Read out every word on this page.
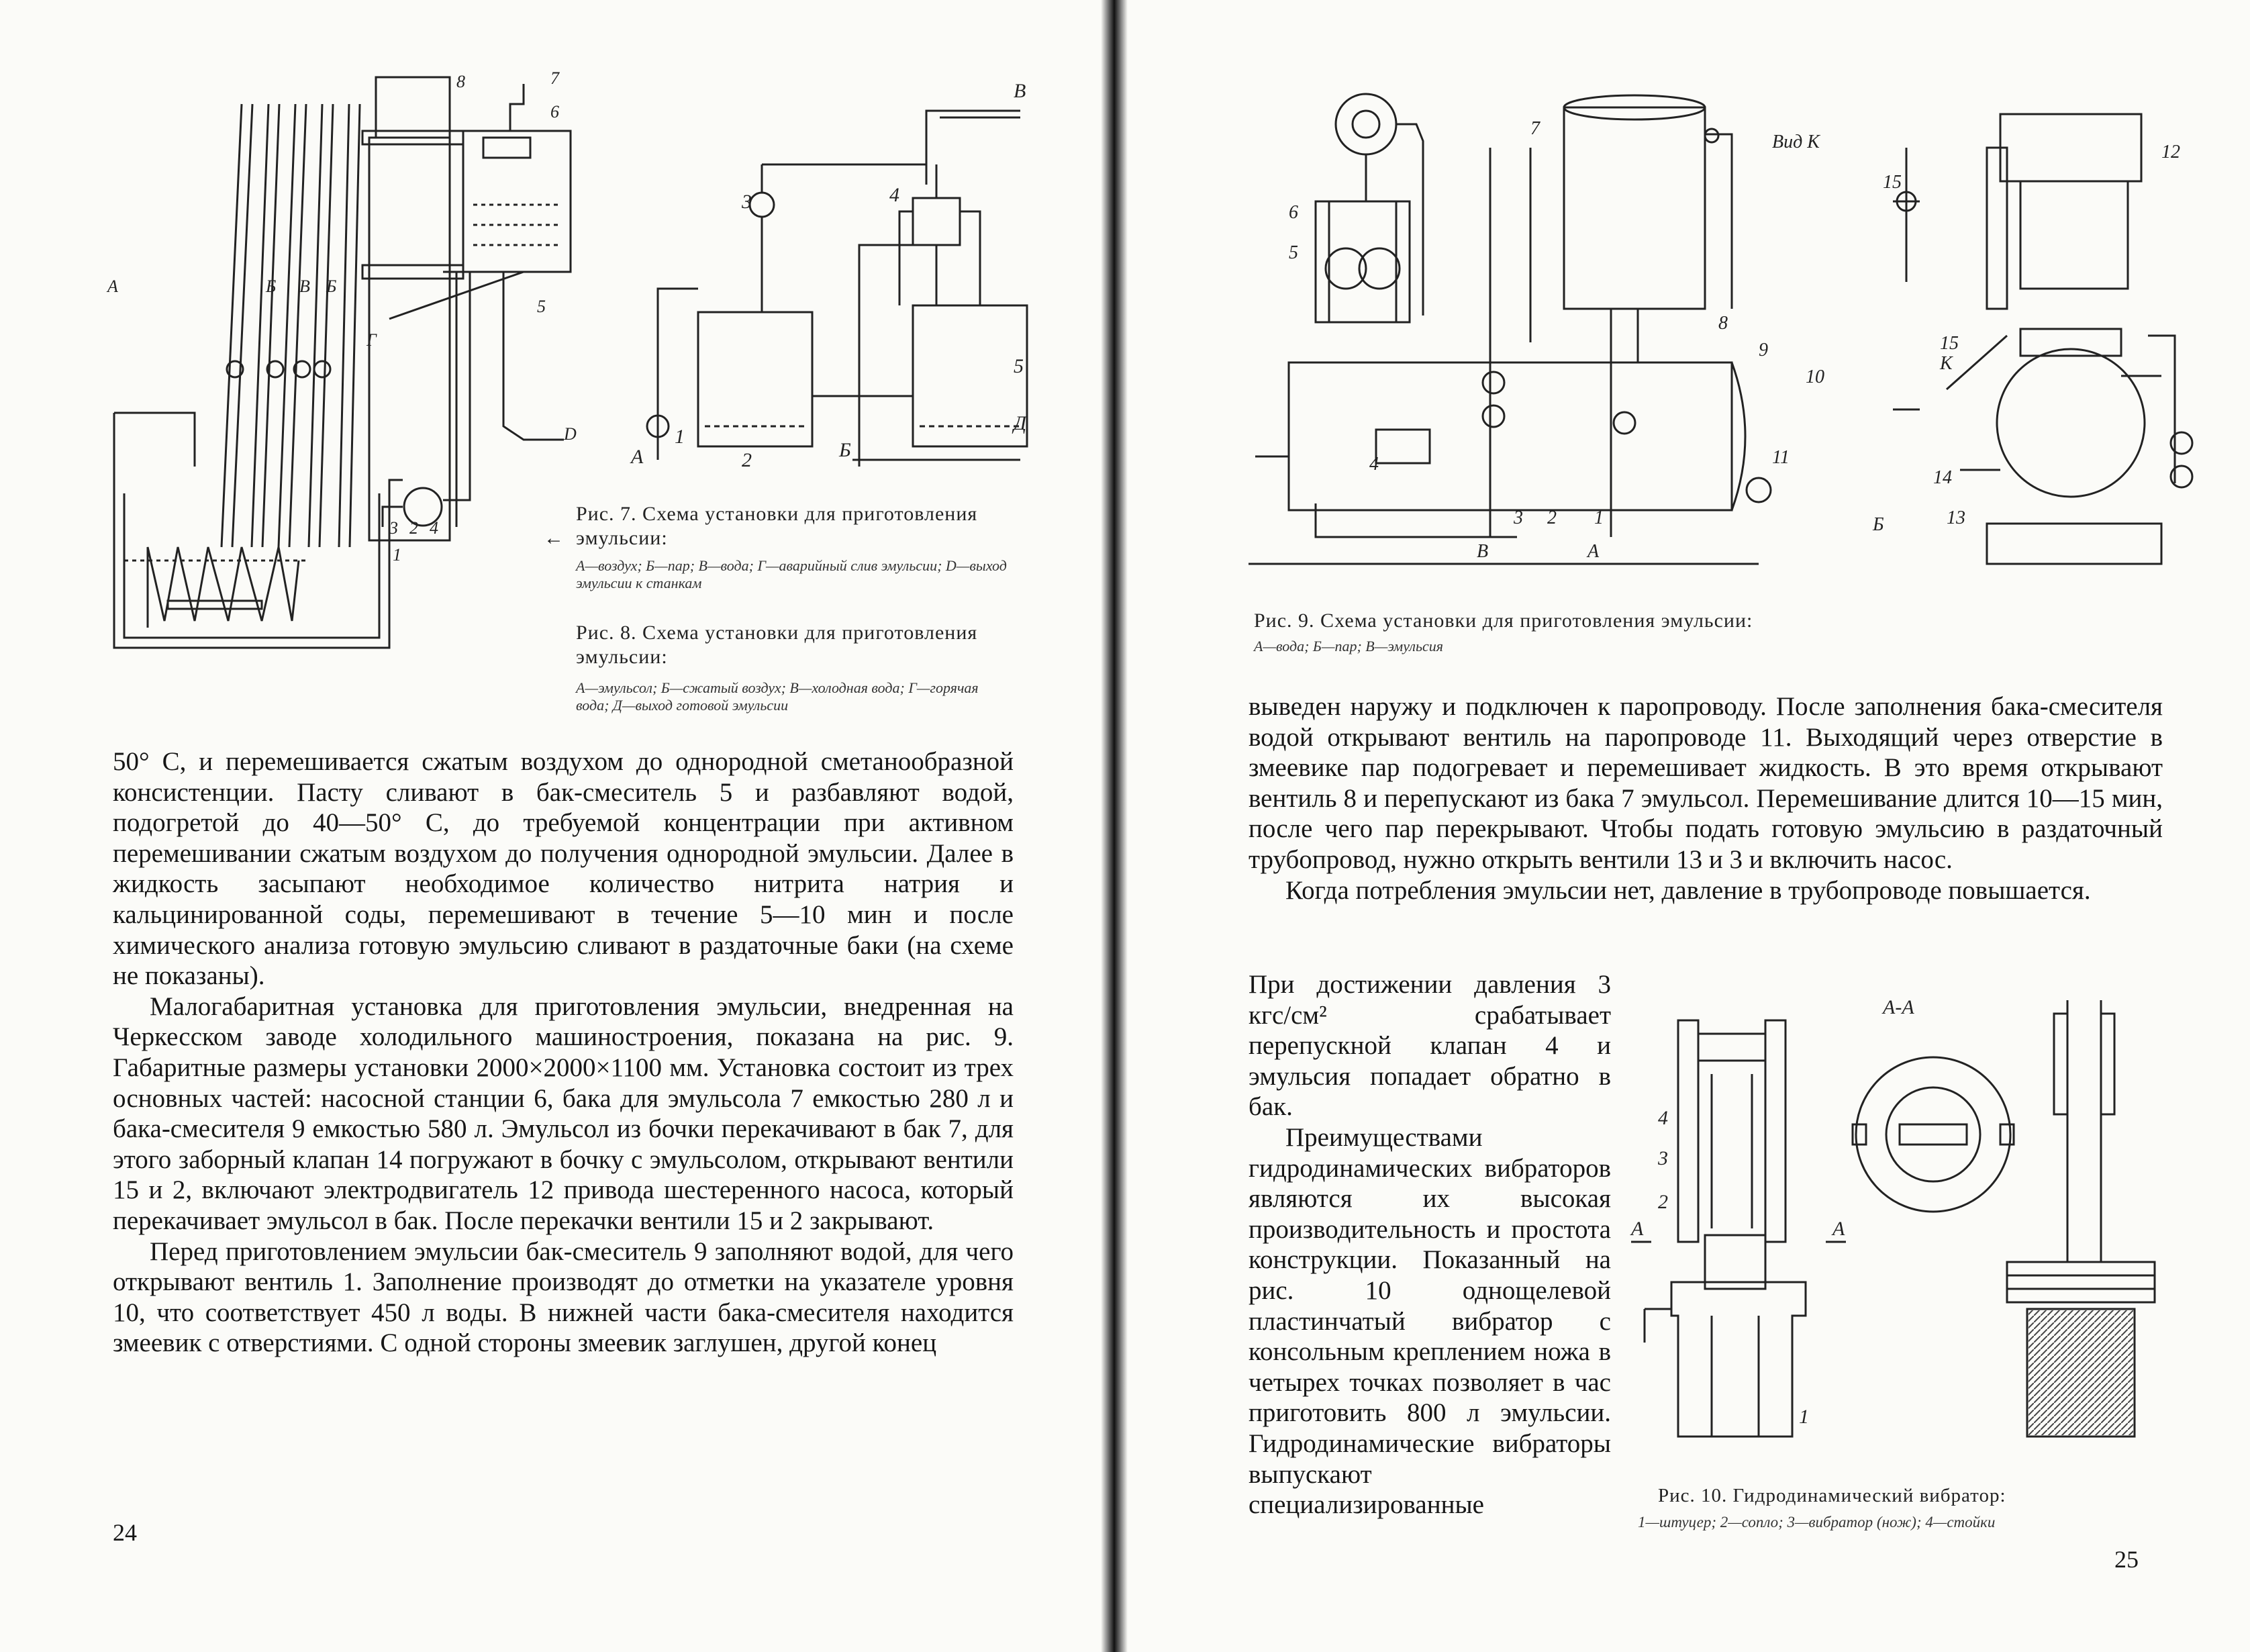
А	Б В Б
Г
D
1
3 2 4
5
6
7
8	В
А	Б
Д
1
2
3	4
5
Рис. 7. Схема установки для приготовления эмульсии:
←
А—воздух; Б—пар; В—вода; Г—аварийный слив эмульсии; D—выход эмульсии к станкам
Рис. 8. Схема установки для приготовления эмульсии:
А—эмульсол; Б—сжатый воздух; В—холодная вода; Г—горячая вода; Д—выход готовой эмульсии

50° С, и перемешивается сжатым воздухом до однородной сметанообразной консистенции. Пасту сливают в бак-смеситель 5 и разбавляют водой, подогретой до 40—50° С, до требуемой концентрации при активном перемешивании сжатым воздухом до получения однородной эмульсии. Далее в жидкость засыпают необходимое количество нитрита натрия и кальцинированной соды, перемешивают в течение 5—10 мин и после химического анализа готовую эмульсию сливают в раздаточные баки (на схеме не показаны).

Малогабаритная установка для приготовления эмульсии, внедренная на Черкесском заводе холодильного машиностроения, показана на рис. 9. Габаритные размеры установки 2000×2000×1100 мм. Установка состоит из трех основных частей: насосной станции 6, бака для эмульсола 7 емкостью 280 л и бака-смесителя 9 емкостью 580 л. Эмульсол из бочки перекачивают в бак 7, для этого заборный клапан 14 погружают в бочку с эмульсолом, открывают вентили 15 и 2, включают электродвигатель 12 привода шестеренного насоса, который перекачивает эмульсол в бак. После перекачки вентили 15 и 2 закрывают.

Перед приготовлением эмульсии бак-смеситель 9 заполняют водой, для чего открывают вентиль 1. Заполнение производят до отметки на указателе уровня 10, что соответствует 450 л воды. В нижней части бака-смесителя находится змеевик с отверстиями. С одной стороны змеевик заглушен, другой конец

24
1
2
3
4
5
6
7
8
9
10
11
12
13
14
15
15
Вид К
К
В	А
Б
Рис. 9. Схема установки для приготовления эмульсии:
А—вода; Б—пар; В—эмульсия

выведен наружу и подключен к паропроводу. После заполнения бака-смесителя водой открывают вентиль на паропроводе 11. Выходящий через отверстие в змеевике пар подогревает и перемешивает жидкость. В это время открывают вентиль 8 и перепускают из бака 7 эмульсол. Перемешивание длится 10—15 мин, после чего пар перекрывают. Чтобы подать готовую эмульсию в раздаточный трубопровод, нужно открыть вентили 13 и 3 и включить насос.

Когда потребления эмульсии нет, давление в трубопроводе повышается.

При достижении давления 3 кгс/см² срабатывает перепускной клапан 4 и эмульсия попадает обратно в бак.

Преимуществами гидродинамических вибраторов являются их высокая производительность и простота конструкции. Показанный на рис. 10 однощелевой пластинчатый вибратор с консольным креплением ножа в четырех точках позволяет в час приготовить 800 л эмульсии. Гидродинамические вибраторы выпускают специализированные

А-А
А	А
1
2
3
4
Рис. 10. Гидродинамический вибратор:
1—штуцер; 2—сопло; 3—вибратор (нож); 4—стойки
25
